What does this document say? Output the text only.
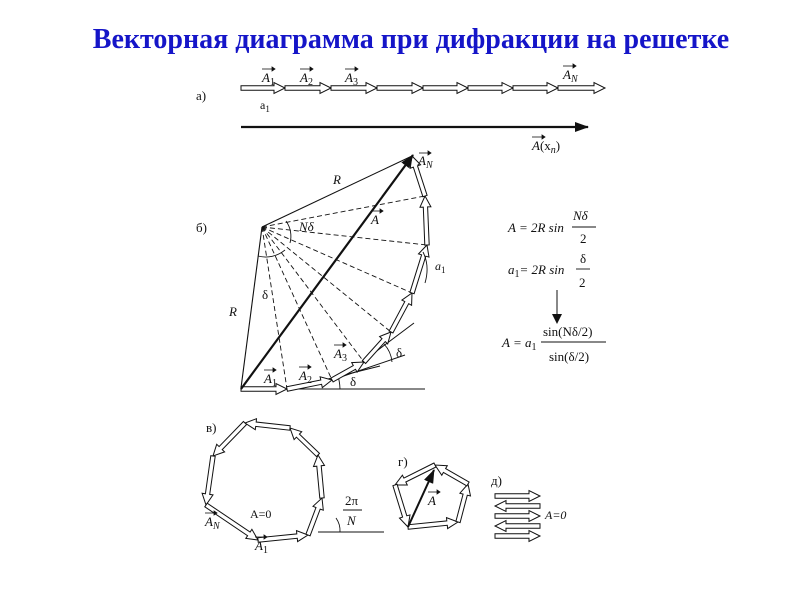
Векторная диаграмма при дифракции на решетке
а)
$A_1$ $A_2$ $A_3$
$A_N$
$a_1$
$A(x_n)$
б)
R
R
Nδ
δ
A
$A_N$
$a_1$
$A_1$
$A_2$
$A_3$	δ
δ
A = 2R sin
Nδ
2
$a_1= 2R$ sin
δ
2
$A = a_1$
sin(Nδ/2)
sin(δ/2)
в)
A=0
$A_N$
$A_1$
2π
N
г)
A
д)
A=0
